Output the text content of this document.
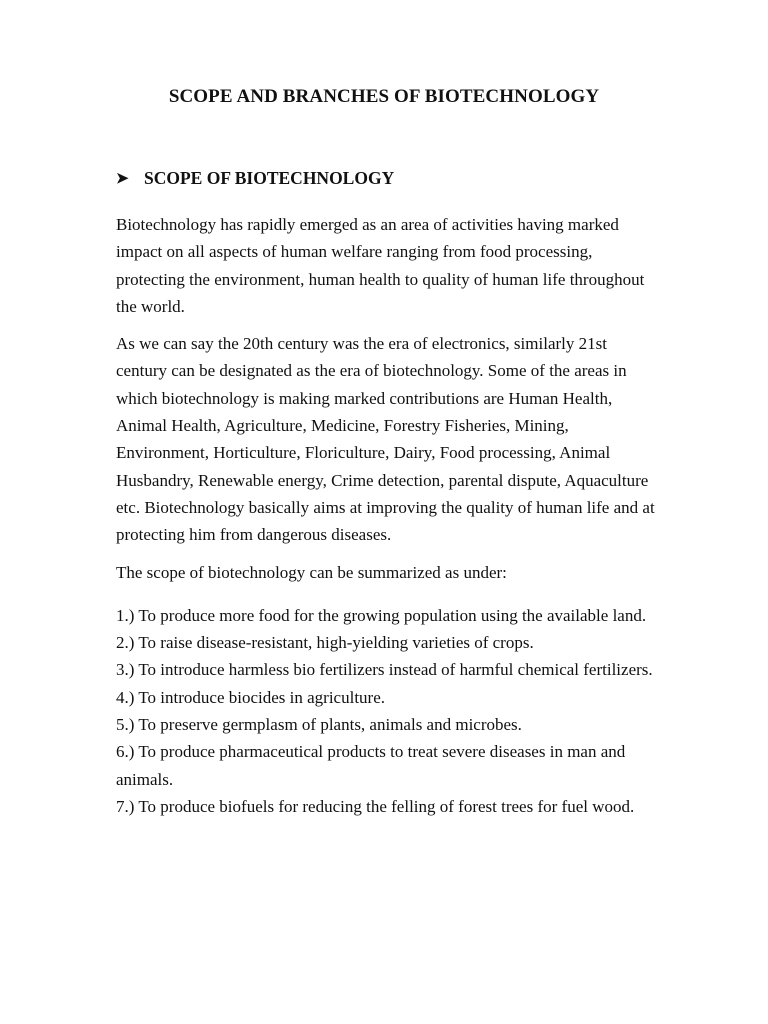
SCOPE AND BRANCHES OF BIOTECHNOLOGY
➤ SCOPE OF BIOTECHNOLOGY

Biotechnology has rapidly emerged as an area of activities having marked impact on all aspects of human welfare ranging from food processing, protecting the environment, human health to quality of human life throughout the world.

As we can say the 20th century was the era of electronics, similarly 21st century can be designated as the era of biotechnology. Some of the areas in which biotechnology is making marked contributions are Human Health, Animal Health, Agriculture, Medicine, Forestry Fisheries, Mining, Environment, Horticulture, Floriculture, Dairy, Food processing, Animal Husbandry, Renewable energy, Crime detection, parental dispute, Aquaculture etc. Biotechnology basically aims at improving the quality of human life and at protecting him from dangerous diseases.

The scope of biotechnology can be summarized as under:

1.) To produce more food for the growing population using the available land.

2.) To raise disease-resistant, high-yielding varieties of crops.

3.) To introduce harmless bio fertilizers instead of harmful chemical fertilizers.

4.) To introduce biocides in agriculture.

5.) To preserve germplasm of plants, animals and microbes.

6.) To produce pharmaceutical products to treat severe diseases in man and animals.

7.) To produce biofuels for reducing the felling of forest trees for fuel wood.
